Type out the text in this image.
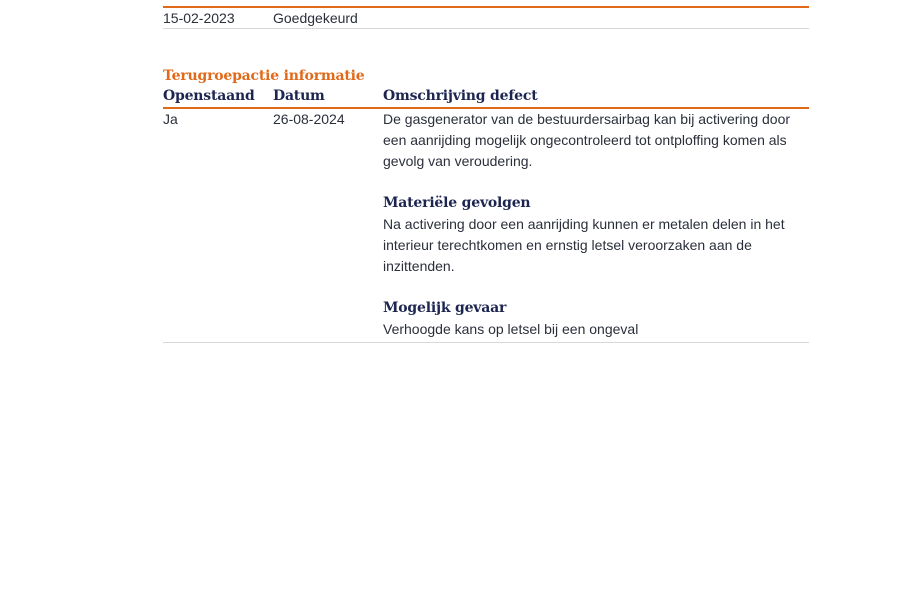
15-02-2023	Goedgekeurd
Terugroepactie informatie
Openstaand	Datum	Omschrijving defect
Ja	26-08-2024	De gasgenerator van de bestuurdersairbag kan bij activering door een aanrijding mogelijk ongecontroleerd tot ontploffing komen als gevolg van veroudering.

Materiële gevolgen

Na activering door een aanrijding kunnen er metalen delen in het interieur terechtkomen en ernstig letsel veroorzaken aan de inzittenden.

Mogelijk gevaar

Verhoogde kans op letsel bij een ongeval
